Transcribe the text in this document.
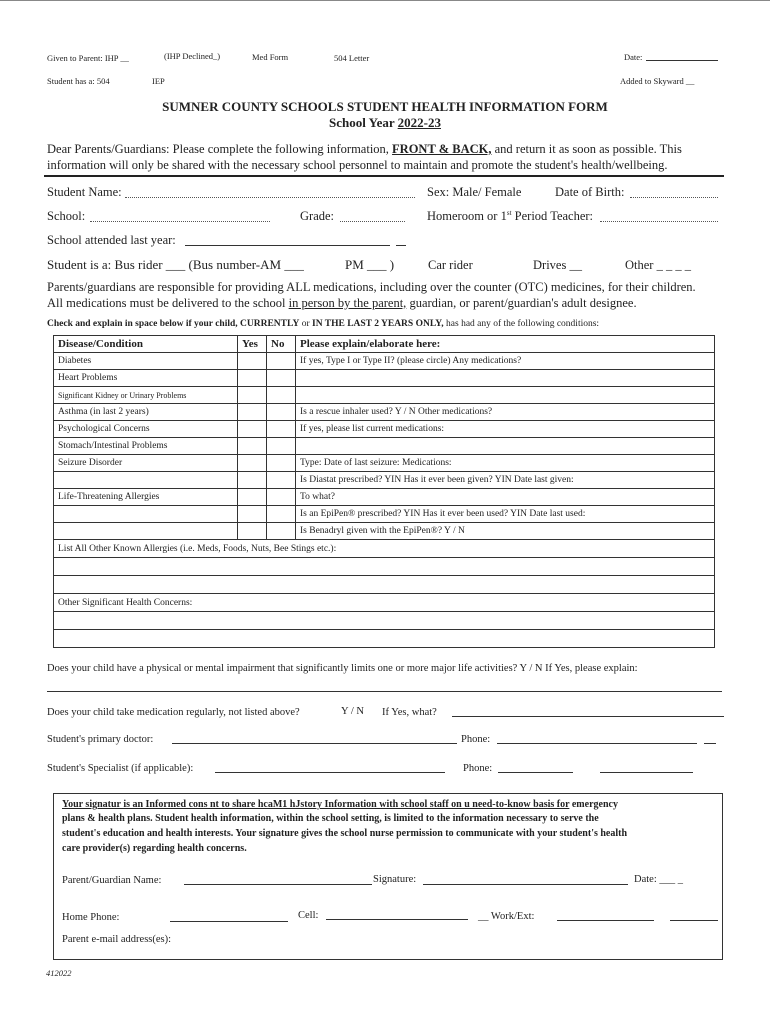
Given to Parent: IHP __	(IHP Declined_)	Med Form	504 Letter	Date:
Student has a: 504	IEP	Added to Skyward __
SUMNER COUNTY SCHOOLS STUDENT HEALTH INFORMATION FORM
School Year 2022-23
Dear Parents/Guardians: Please complete the following information, FRONT & BACK, and return it as soon as possible. This
information will only be shared with the necessary school personnel to maintain and promote the student's health/wellbeing.
Student Name:	Sex: Male/ Female	Date of Birth:
School:	Grade:	Homeroom or 1st Period Teacher:
School attended last year:
Student is a: Bus rider ___ (Bus number-AM ___	PM ___ )	Car rider	Drives __	Other _ _ _ _
Parents/guardians are responsible for providing ALL medications, including over the counter (OTC) medicines, for their children.
All medications must be delivered to the school in person by the parent, guardian, or parent/guardian's adult designee.
Check and explain in space below if your child, CURRENTLY or IN THE LAST 2 YEARS ONLY, has had any of the following conditions:
Disease/Condition	Yes	No	Please explain/elaborate here:
Diabetes			If yes, Type I or Type II? (please circle) Any medications?
Heart Problems			
Significant Kidney or Urinary Problems			
Asthma (in last 2 years)			Is a rescue inhaler used? Y / N Other medications?
Psychological Concerns			If yes, please list current medications:
Stomach/Intestinal Problems			
Seizure Disorder			Type: Date of last seizure: Medications:
			Is Diastat prescribed? YIN Has it ever been given? YIN Date last given:
Life-Threatening Allergies			To what?
			Is an EpiPen® prescribed? YIN Has it ever been used? YIN Date last used:
			Is Benadryl given with the EpiPen®? Y / N
List All Other Known Allergies (i.e. Meds, Foods, Nuts, Bee Stings etc.):			

Other Significant Health Concerns:			

Does your child have a physical or mental impairment that significantly limits one or more major life activities? Y / N If Yes, please explain:
Does your child take medication regularly, not listed above?	Y / N If Yes, what?
Student's primary doctor:	Phone:
Student's Specialist (if applicable):	Phone:
Your signatur is an Informed cons nt to share hcaM1 hJstory Information with school staff on u need-to-know basis for emergency
plans & health plans. Student health information, within the school setting, is limited to the information necessary to serve the
student's education and health interests. Your signature gives the school nurse permission to communicate with your student's health
care provider(s) regarding health concerns.
Parent/Guardian Name:	Signature:	Date: ___ _
Home Phone:	Cell:	__ Work/Ext:
Parent e-mail address(es):
412022
